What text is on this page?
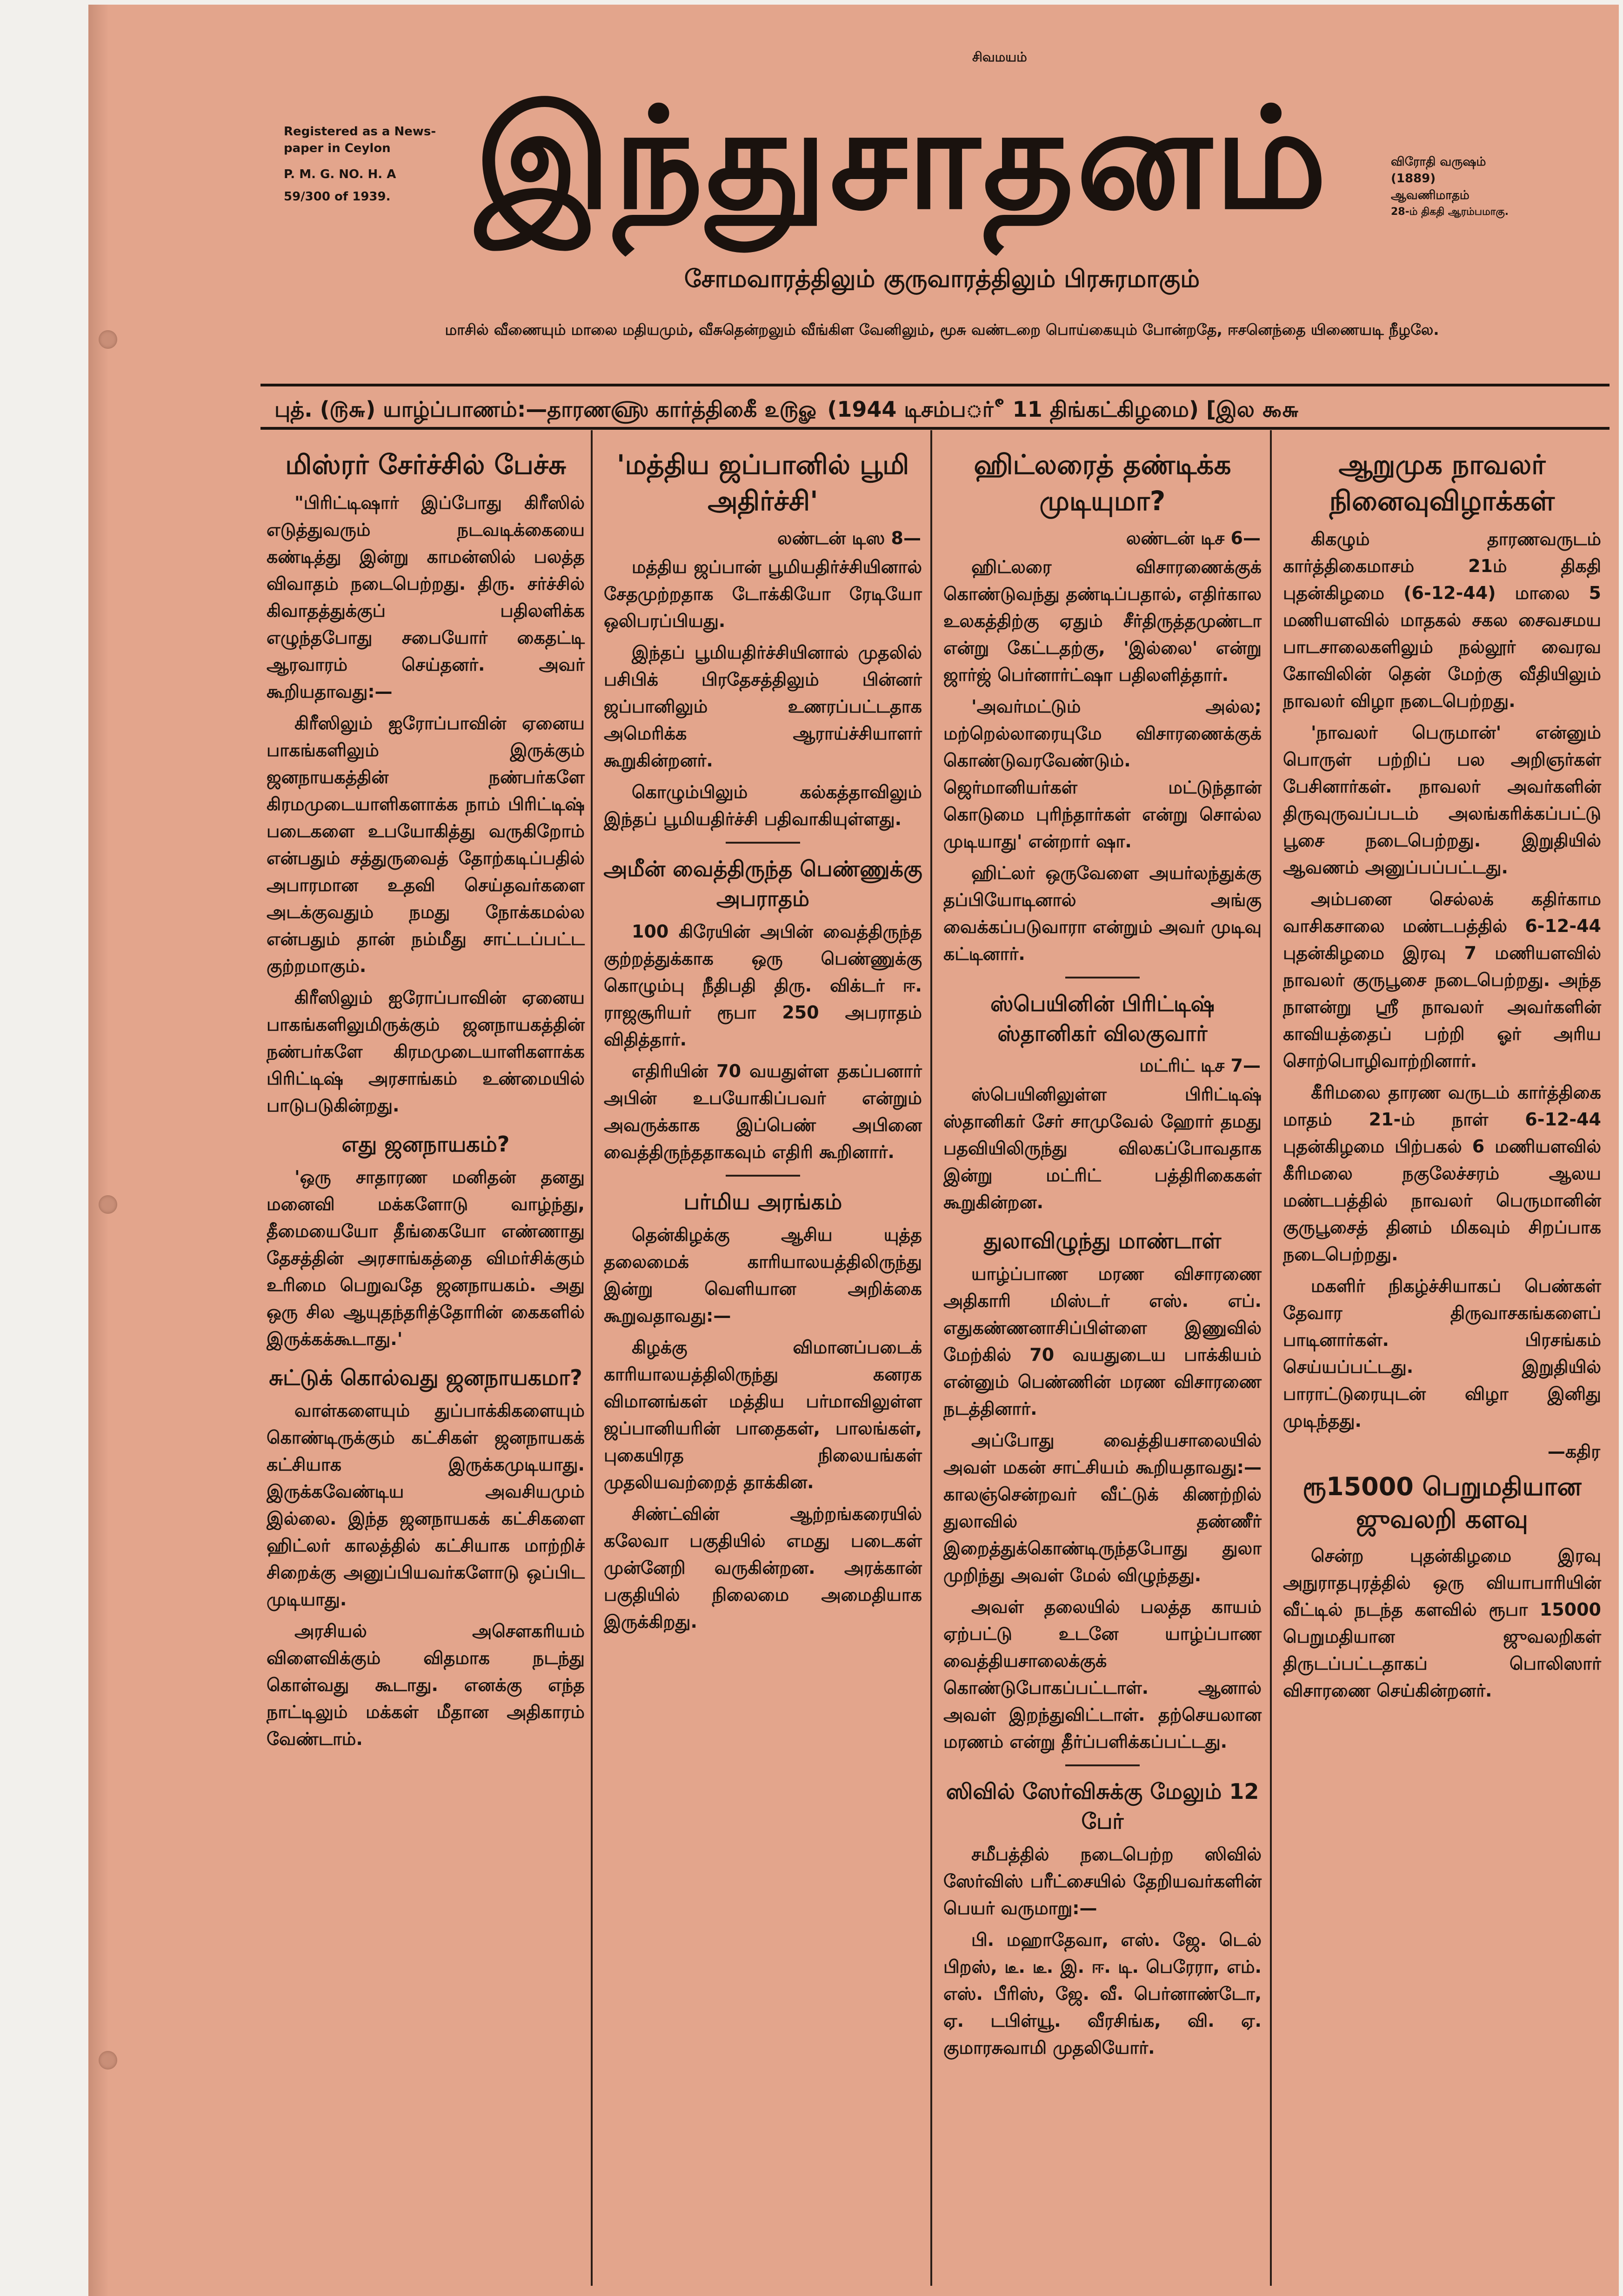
சிவமயம்
Registered as a News-
paper in Ceylon
P. M. G. NO. H. A
59/300 of 1939. இந்துசாதனம்	விரோதி வருஷம்
(1889)
ஆவணிமாதம்
28-ம் திகதி ஆரம்பமாகு.
சோமவாரத்திலும் குருவாரத்திலும் பிரசுரமாகும்
மாசில் வீணையும் மாலை மதியமும், வீசுதென்றலும் வீங்கிள வேனிலும், மூசு வண்டறை பொய்கையும் போன்றதே, ஈசனெந்தை யிணையடி நீழலே.
புத். (௫௬) யாழ்ப்பாணம்:—தாரண௵ கார்த்திகைீ ௨௫ௐ (1944 டிசம்பர்ீ 11 திங்கட்கிழமை) [இல ௯௬
மிஸ்ரர் சேர்ச்சில் பேச்சு
"பிரிட்டிஷார் இப்போது கிரீஸில் எடுத்துவரும் நடவடிக்கையை கண்டித்து இன்று காமன்ஸில் பலத்த விவாதம் நடைபெற்றது. திரு. சர்ச்சில் கிவாதத்துக்குப் பதிலளிக்க எழுந்தபோது சபையோர் கைதட்டி ஆரவாரம் செய்தனர். அவர் கூறியதாவது:—
கிரீஸிலும் ஐரோப்பாவின் ஏனைய பாகங்களிலும் இருக்கும் ஜனநாயகத்தின் நண்பர்களே கிரமமுடையாளிகளாக்க நாம் பிரிட்டிஷ் படைகளை உபயோகித்து வருகிறோம் என்பதும் சத்துருவைத் தோற்கடிப்பதில் அபாரமான உதவி செய்தவர்களை அடக்குவதும் நமது நோக்கமல்ல என்பதும் தான் நம்மீது சாட்டப்பட்ட குற்றமாகும்.
கிரீஸிலும் ஐரோப்பாவின் ஏனைய பாகங்களிலுமிருக்கும் ஜனநாயகத்தின் நண்பர்களே கிரமமுடையாளிகளாக்க பிரிட்டிஷ் அரசாங்கம் உண்மையில் பாடுபடுகின்றது.
எது ஜனநாயகம்?
'ஒரு சாதாரண மனிதன் தனது மனைவி மக்களோடு வாழ்ந்து, தீமையையோ தீங்கையோ எண்ணாது தேசத்தின் அரசாங்கத்தை விமர்சிக்கும் உரிமை பெறுவதே ஜனநாயகம். அது ஒரு சில ஆயுதந்தரித்தோரின் கைகளில் இருக்கக்கூடாது.'
சுட்டுக் கொல்வது ஜனநாயகமா?
வாள்களையும் துப்பாக்கிகளையும் கொண்டிருக்கும் கட்சிகள் ஜனநாயகக் கட்சியாக இருக்கமுடியாது. இருக்கவேண்டிய அவசியமும் இல்லை. இந்த ஜனநாயகக் கட்சிகளை ஹிட்லர் காலத்தில் கட்சியாக மாற்றிச் சிறைக்கு அனுப்பியவர்களோடு ஒப்பிட முடியாது.
அரசியல் அசௌகரியம் விளைவிக்கும் விதமாக நடந்து கொள்வது கூடாது. எனக்கு எந்த நாட்டிலும் மக்கள் மீதான அதிகாரம் வேண்டாம்.
'மத்திய ஜப்பானில் பூமி அதிர்ச்சி'
லண்டன் டிஸ 8—
மத்திய ஜப்பான் பூமியதிர்ச்சியினால் சேதமுற்றதாக டோக்கியோ ரேடியோ ஒலிபரப்பியது.
இந்தப் பூமியதிர்ச்சியினால் முதலில் பசிபிக் பிரதேசத்திலும் பின்னர் ஜப்பானிலும் உணரப்பட்டதாக அமெரிக்க ஆராய்ச்சியாளர் கூறுகின்றனர்.
கொழும்பிலும் கல்கத்தாவிலும் இந்தப் பூமியதிர்ச்சி பதிவாகியுள்ளது.
அமீன் வைத்திருந்த பெண்ணுக்கு அபராதம்
100 கிரேயின் அபின் வைத்திருந்த குற்றத்துக்காக ஒரு பெண்ணுக்கு கொழும்பு நீதிபதி திரு. விக்டர் ஈ. ராஜசூரியர் ரூபா 250 அபராதம் விதித்தார்.
எதிரியின் 70 வயதுள்ள தகப்பனார் அபின் உபயோகிப்பவர் என்றும் அவருக்காக இப்பெண் அபினை வைத்திருந்ததாகவும் எதிரி கூறினார்.
பர்மிய அரங்கம்
தென்கிழக்கு ஆசிய யுத்த தலைமைக் காரியாலயத்திலிருந்து இன்று வெளியான அறிக்கை கூறுவதாவது:—
கிழக்கு விமானப்படைக் காரியாலயத்திலிருந்து கனரக விமானங்கள் மத்திய பர்மாவிலுள்ள ஜப்பானியரின் பாதைகள், பாலங்கள், புகையிரத நிலையங்கள் முதலியவற்றைத் தாக்கின.
சிண்ட்வின் ஆற்றங்கரையில் கலேவா பகுதியில் எமது படைகள் முன்னேறி வருகின்றன. அரக்கான் பகுதியில் நிலைமை அமைதியாக இருக்கிறது.
ஹிட்லரைத் தண்டிக்க முடியுமா?
லண்டன் டிச 6—
ஹிட்லரை விசாரணைக்குக் கொண்டுவந்து தண்டிப்பதால், எதிர்கால உலகத்திற்கு ஏதும் சீர்திருத்தமுண்டா என்று கேட்டதற்கு, 'இல்லை' என்று ஜார்ஜ் பெர்னார்ட்ஷா பதிலளித்தார்.
'அவர்மட்டும் அல்ல; மற்றெல்லாரையுமே விசாரணைக்குக் கொண்டுவரவேண்டும். ஜெர்மானியர்கள் மட்டுந்தான் கொடுமை புரிந்தார்கள் என்று சொல்ல முடியாது' என்றார் ஷா.
ஹிட்லர் ஒருவேளை அயர்லந்துக்கு தப்பியோடினால் அங்கு வைக்கப்படுவாரா என்றும் அவர் முடிவு கட்டினார்.
ஸ்பெயினின் பிரிட்டிஷ் ஸ்தானிகர் விலகுவார்
மட்ரிட் டிச 7—
ஸ்பெயினிலுள்ள பிரிட்டிஷ் ஸ்தானிகர் சேர் சாமுவேல் ஹோர் தமது பதவியிலிருந்து விலகப்போவதாக இன்று மட்ரிட் பத்திரிகைகள் கூறுகின்றன.
துலாவிழுந்து மாண்டாள்
யாழ்ப்பாண மரண விசாரணை அதிகாரி மிஸ்டர் எஸ். எப். எதுகண்ணனாசிப்பிள்ளை இணுவில் மேற்கில் 70 வயதுடைய பாக்கியம் என்னும் பெண்ணின் மரண விசாரணை நடத்தினார்.
அப்போது வைத்தியசாலையில் அவள் மகன் சாட்சியம் கூறியதாவது:— காலஞ்சென்றவர் வீட்டுக் கிணற்றில் துலாவில் தண்ணீர் இறைத்துக்கொண்டிருந்தபோது துலா முறிந்து அவள் மேல் விழுந்தது.
அவள் தலையில் பலத்த காயம் ஏற்பட்டு உடனே யாழ்ப்பாண வைத்தியசாலைக்குக் கொண்டுபோகப்பட்டாள். ஆனால் அவள் இறந்துவிட்டாள். தற்செயலான மரணம் என்று தீர்ப்பளிக்கப்பட்டது.
ஸிவில் ஸேர்விசுக்கு மேலும் 12 பேர்
சமீபத்தில் நடைபெற்ற ஸிவில் ஸேர்விஸ் பரீட்சையில் தேறியவர்களின் பெயர் வருமாறு:—
பி. மஹாதேவா, எஸ். ஜே. டெல் பிறஸ், டீ. டீ. இ. ஈ. டி. பெரேரா, எம். எஸ். பீரிஸ், ஜே. வீ. பெர்னாண்டோ, ஏ. டபிள்யூ. வீரசிங்க, வி. ஏ. குமாரசுவாமி முதலியோர்.
ஆறுமுக நாவலர் நினைவுவிழாக்கள்
கிகழும் தாரணவருடம் கார்த்திகைமாசம் 21ம் திகதி புதன்கிழமை (6-12-44) மாலை 5 மணியளவில் மாதகல் சகல சைவசமய பாடசாலைகளிலும் நல்லூர் வைரவ கோவிலின் தென் மேற்கு வீதியிலும் நாவலர் விழா நடைபெற்றது.
'நாவலர் பெருமான்' என்னும் பொருள் பற்றிப் பல அறிஞர்கள் பேசினார்கள். நாவலர் அவர்களின் திருவுருவப்படம் அலங்கரிக்கப்பட்டு பூசை நடைபெற்றது. இறுதியில் ஆவணம் அனுப்பப்பட்டது.
அம்பனை செல்லக் கதிர்காம வாசிகசாலை மண்டபத்தில் 6-12-44 புதன்கிழமை இரவு 7 மணியளவில் நாவலர் குருபூசை நடைபெற்றது. அந்த நாளன்று ஸ்ரீ நாவலர் அவர்களின் காவியத்தைப் பற்றி ஓர் அரிய சொற்பொழிவாற்றினார்.
கீரிமலை தாரண வருடம் கார்த்திகை மாதம் 21-ம் நாள் 6-12-44 புதன்கிழமை பிற்பகல் 6 மணியளவில் கீரிமலை நகுலேச்சரம் ஆலய மண்டபத்தில் நாவலர் பெருமானின் குருபூசைத் தினம் மிகவும் சிறப்பாக நடைபெற்றது.
மகளிர் நிகழ்ச்சியாகப் பெண்கள் தேவார திருவாசகங்களைப் பாடினார்கள். பிரசங்கம் செய்யப்பட்டது. இறுதியில் பாராட்டுரையுடன் விழா இனிது முடிந்தது.
—கதிர
ரூ15000 பெறுமதியான ஜுவலறி களவு
சென்ற புதன்கிழமை இரவு அநுராதபுரத்தில் ஒரு வியாபாரியின் வீட்டில் நடந்த களவில் ரூபா 15000 பெறுமதியான ஜுவலறிகள் திருடப்பட்டதாகப் பொலிஸார் விசாரணை செய்கின்றனர்.
